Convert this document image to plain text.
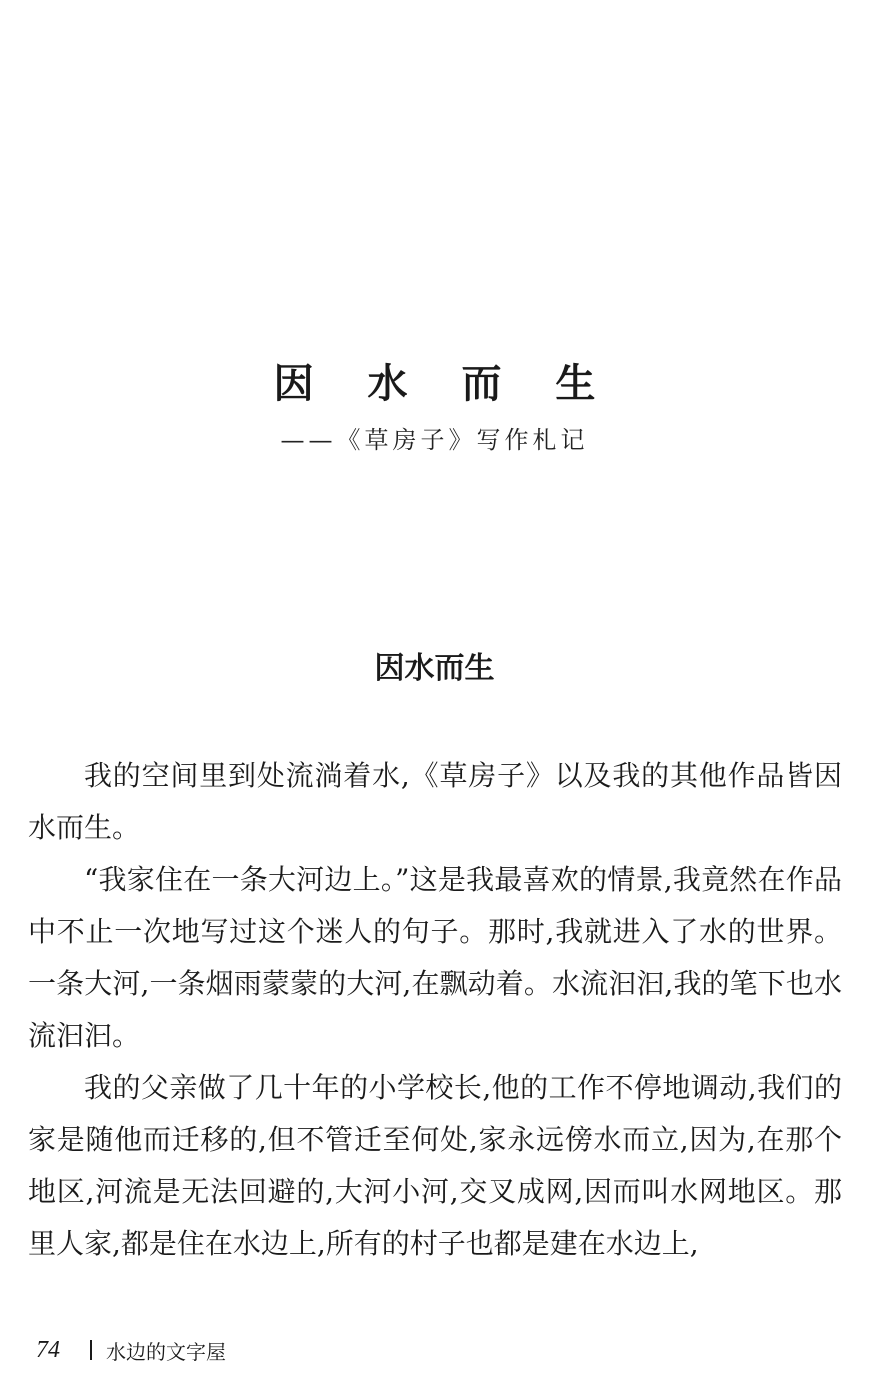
因 水 而 生
——《草房子》写作札记
因水而生

我的空间里到处流淌着水,《草房子》以及我的其他作品皆因水而生。

“我家住在一条大河边上。”这是我最喜欢的情景,我竟然在作品中不止一次地写过这个迷人的句子。那时,我就进入了水的世界。一条大河,一条烟雨蒙蒙的大河,在飘动着。水流汩汩,我的笔下也水流汩汩。

我的父亲做了几十年的小学校长,他的工作不停地调动,我们的家是随他而迁移的,但不管迁至何处,家永远傍水而立,因为,在那个地区,河流是无法回避的,大河小河,交叉成网,因而叫水网地区。那里人家,都是住在水边上,所有的村子也都是建在水边上,

74 水边的文字屋
